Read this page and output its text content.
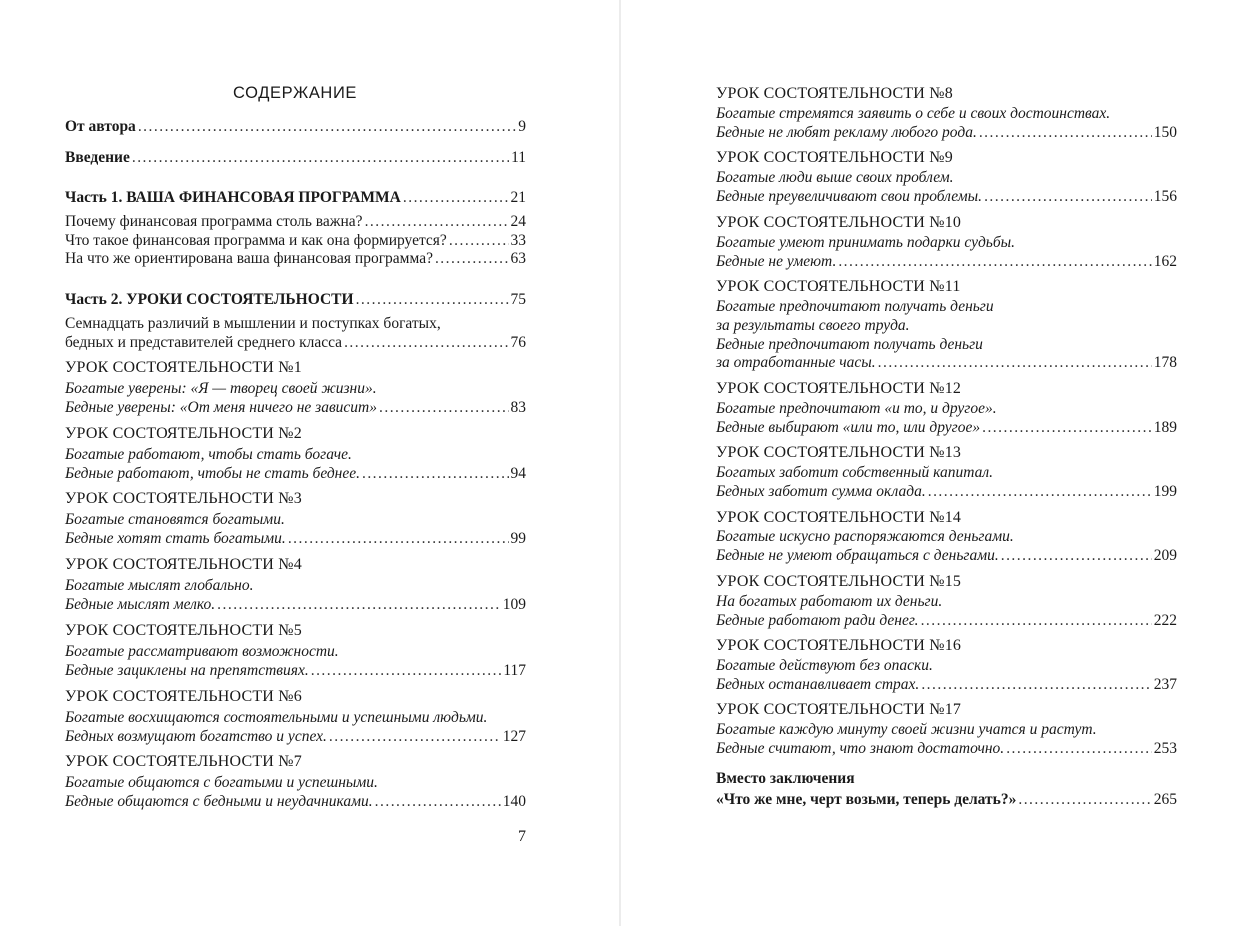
СОДЕРЖАНИЕ
От автора . . .	9
Введение . . .	11
Часть 1. ВАША ФИНАНСОВАЯ ПРОГРАММА . . .	21
Почему финансовая программа столь важна? . . .	24
Что такое финансовая программа и как она формируется? . . .	33
На что же ориентирована ваша финансовая программа? . . .	63
Часть 2. УРОКИ СОСТОЯТЕЛЬНОСТИ . . .	75
Семнадцать различий в мышлении и поступках богатых,
бедных и представителей среднего класса . . .	76
УРОК СОСТОЯТЕЛЬНОСТИ №1
Богатые уверены: «Я — творец своей жизни».
Бедные уверены: «От меня ничего не зависит» . . .	83
УРОК СОСТОЯТЕЛЬНОСТИ №2
Богатые работают, чтобы стать богаче.
Бедные работают, чтобы не стать беднее. . . .	94
УРОК СОСТОЯТЕЛЬНОСТИ №3
Богатые становятся богатыми.
Бедные хотят стать богатыми. . . .	99
УРОК СОСТОЯТЕЛЬНОСТИ №4
Богатые мыслят глобально.
Бедные мыслят мелко. . . .	109
УРОК СОСТОЯТЕЛЬНОСТИ №5
Богатые рассматривают возможности.
Бедные зациклены на препятствиях. . . .	117
УРОК СОСТОЯТЕЛЬНОСТИ №6
Богатые восхищаются состоятельными и успешными людьми.
Бедных возмущают богатство и успех. . . .	127
УРОК СОСТОЯТЕЛЬНОСТИ №7
Богатые общаются с богатыми и успешными.
Бедные общаются с бедными и неудачниками. . . .	140
7
УРОК СОСТОЯТЕЛЬНОСТИ №8
Богатые стремятся заявить о себе и своих достоинствах.
Бедные не любят рекламу любого рода. . . .	150
УРОК СОСТОЯТЕЛЬНОСТИ №9
Богатые люди выше своих проблем.
Бедные преувеличивают свои проблемы. . . .	156
УРОК СОСТОЯТЕЛЬНОСТИ №10
Богатые умеют принимать подарки судьбы.
Бедные не умеют. . . .	162
УРОК СОСТОЯТЕЛЬНОСТИ №11
Богатые предпочитают получать деньги
за результаты своего труда.
Бедные предпочитают получать деньги
за отработанные часы. . . .	178
УРОК СОСТОЯТЕЛЬНОСТИ №12
Богатые предпочитают «и то, и другое».
Бедные выбирают «или то, или другое» . . .	189
УРОК СОСТОЯТЕЛЬНОСТИ №13
Богатых заботит собственный капитал.
Бедных заботит сумма оклада. . . .	199
УРОК СОСТОЯТЕЛЬНОСТИ №14
Богатые искусно распоряжаются деньгами.
Бедные не умеют обращаться с деньгами. . . .	209
УРОК СОСТОЯТЕЛЬНОСТИ №15
На богатых работают их деньги.
Бедные работают ради денег. . . .	222
УРОК СОСТОЯТЕЛЬНОСТИ №16
Богатые действуют без опаски.
Бедных останавливает страх. . . .	237
УРОК СОСТОЯТЕЛЬНОСТИ №17
Богатые каждую минуту своей жизни учатся и растут.
Бедные считают, что знают достаточно. . . .	253
Вместо заключения
«Что же мне, черт возьми, теперь делать?» . . .	265
